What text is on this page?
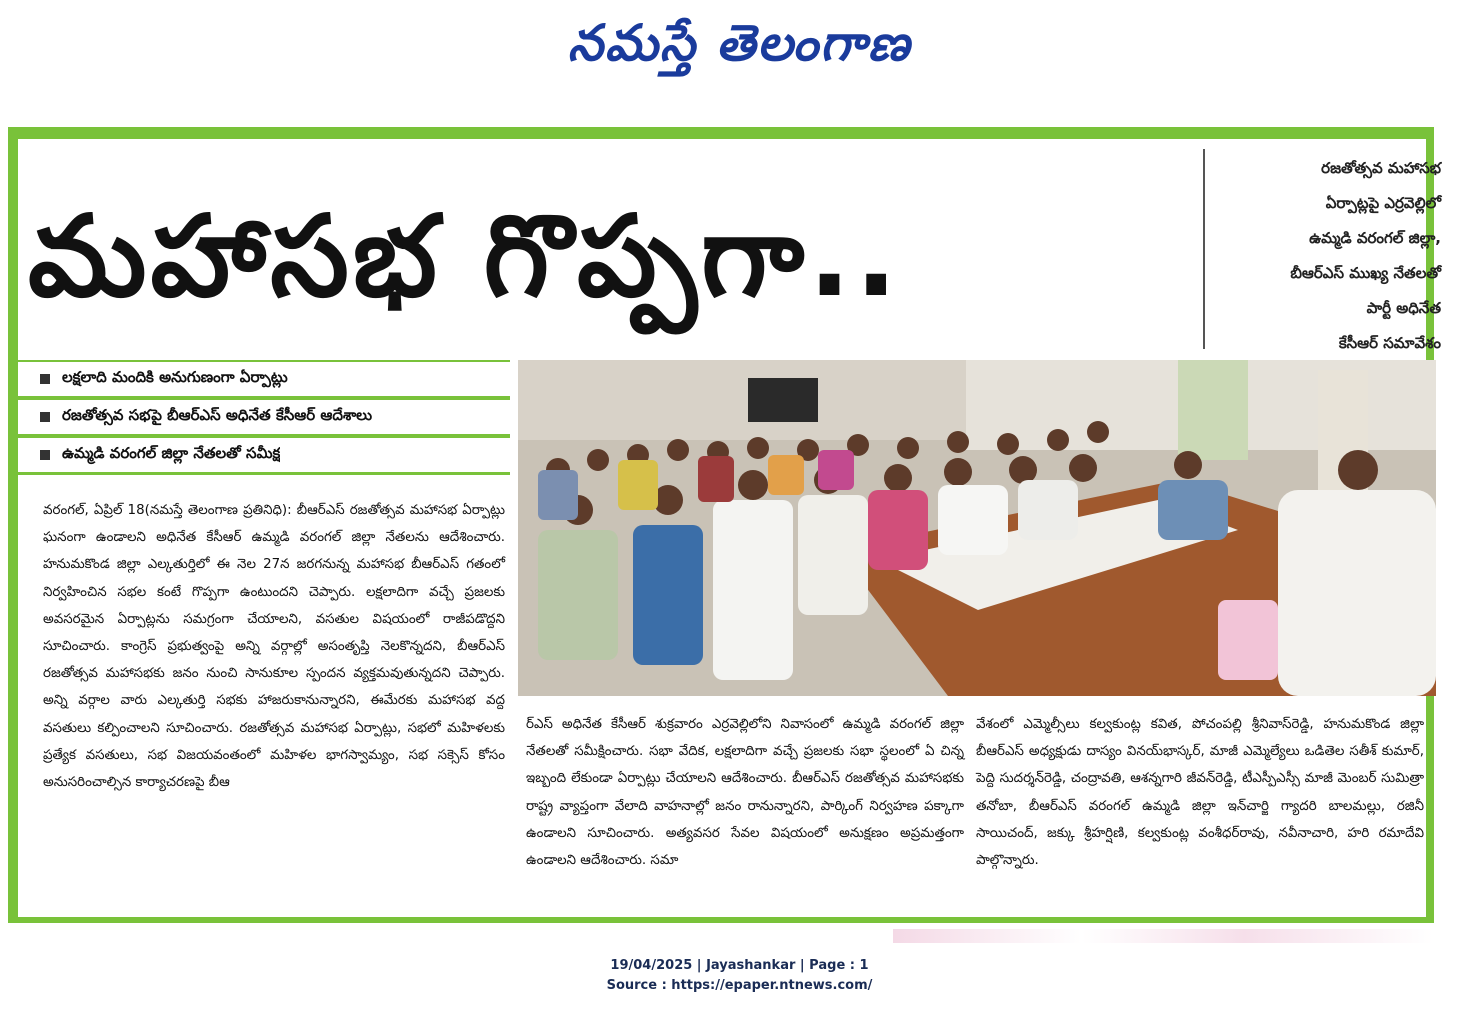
నమస్తే తెలంగాణ
మహాసభ గొప్పగా..
రజతోత్సవ మహాసభ
ఏర్పాట్లపై ఎర్రవెల్లిలో
ఉమ్మడి వరంగల్ జిల్లా,
బీఆర్ఎస్ ముఖ్య నేతలతో
పార్టీ అధినేత
కేసీఆర్ సమావేశం
లక్షలాది మందికి అనుగుణంగా ఏర్పాట్లు
రజతోత్సవ సభపై బీఆర్ఎస్ అధినేత కేసీఆర్ ఆదేశాలు
ఉమ్మడి వరంగల్ జిల్లా నేతలతో సమీక్ష

వరంగల్, ఏప్రిల్ 18(నమస్తే తెలంగాణ ప్రతినిధి): బీఆర్ఎస్ రజతోత్సవ మహాసభ ఏర్పాట్లు ఘనంగా ఉండాలని అధినేత కేసీఆర్ ఉమ్మడి వరంగల్ జిల్లా నేతలను ఆదేశించారు. హనుమకొండ జిల్లా ఎల్కతుర్తిలో ఈ నెల 27న జరగనున్న మహాసభ బీఆర్ఎస్ గతంలో నిర్వహించిన సభల కంటే గొప్పగా ఉంటుందని చెప్పారు. లక్షలాదిగా వచ్చే ప్రజలకు అవసరమైన ఏర్పాట్లను సమగ్రంగా చేయాలని, వసతుల విషయంలో రాజీపడొద్దని సూచించారు. కాంగ్రెస్ ప్రభుత్వంపై అన్ని వర్గాల్లో అసంతృప్తి నెలకొన్నదని, బీఆర్ఎస్ రజతోత్సవ మహాసభకు జనం నుంచి సానుకూల స్పందన వ్యక్తమవుతున్నదని చెప్పారు. అన్ని వర్గాల వారు ఎల్కతుర్తి సభకు హాజరుకానున్నారని, ఈమేరకు మహాసభ వద్ద వసతులు కల్పించాలని సూచించారు. రజతోత్సవ మహాసభ ఏర్పాట్లు, సభలో మహిళలకు ప్రత్యేక వసతులు, సభ విజయవంతంలో మహిళల భాగస్వామ్యం, సభ సక్సెస్ కోసం అనుసరించాల్సిన కార్యాచరణపై బీఆ

ర్ఎస్ అధినేత కేసీఆర్ శుక్రవారం ఎర్రవెల్లిలోని నివాసంలో ఉమ్మడి వరంగల్ జిల్లా నేతలతో సమీక్షించారు. సభా వేదిక, లక్షలాదిగా వచ్చే ప్రజలకు సభా స్థలంలో ఏ చిన్న ఇబ్బంది లేకుండా ఏర్పాట్లు చేయాలని ఆదేశించారు. బీఆర్ఎస్ రజతోత్సవ మహాసభకు రాష్ట్ర వ్యాప్తంగా వేలాది వాహనాల్లో జనం రానున్నారని, పార్కింగ్ నిర్వహణ పక్కాగా ఉండాలని సూచించారు. అత్యవసర సేవల విషయంలో అనుక్షణం అప్రమత్తంగా ఉండాలని ఆదేశించారు. సమా

వేశంలో ఎమ్మెల్సీలు కల్వకుంట్ల కవిత, పోచంపల్లి శ్రీనివాస్‌రెడ్డి, హనుమకొండ జిల్లా బీఆర్ఎస్ అధ్యక్షుడు దాస్యం వినయ్‌భాస్కర్, మాజీ ఎమ్మెల్యేలు ఒడితెల సతీశ్ కుమార్, పెద్ది సుదర్శన్‌రెడ్డి, చంద్రావతి, ఆశన్నగారి జీవన్‌రెడ్డి, టీఎస్పీఎస్సీ మాజీ మెంబర్ సుమిత్రా తనోబా, బీఆర్ఎస్ వరంగల్ ఉమ్మడి జిల్లా ఇన్‌చార్జి గ్యాదరి బాలమల్లు, రజినీ సాయిచంద్, జక్కు శ్రీహర్షిణి, కల్వకుంట్ల వంశీధర్‌రావు, నవీనాచారి, హరి రమాదేవి పాల్గొన్నారు.

19/04/2025 | Jayashankar | Page : 1
Source : https://epaper.ntnews.com/
